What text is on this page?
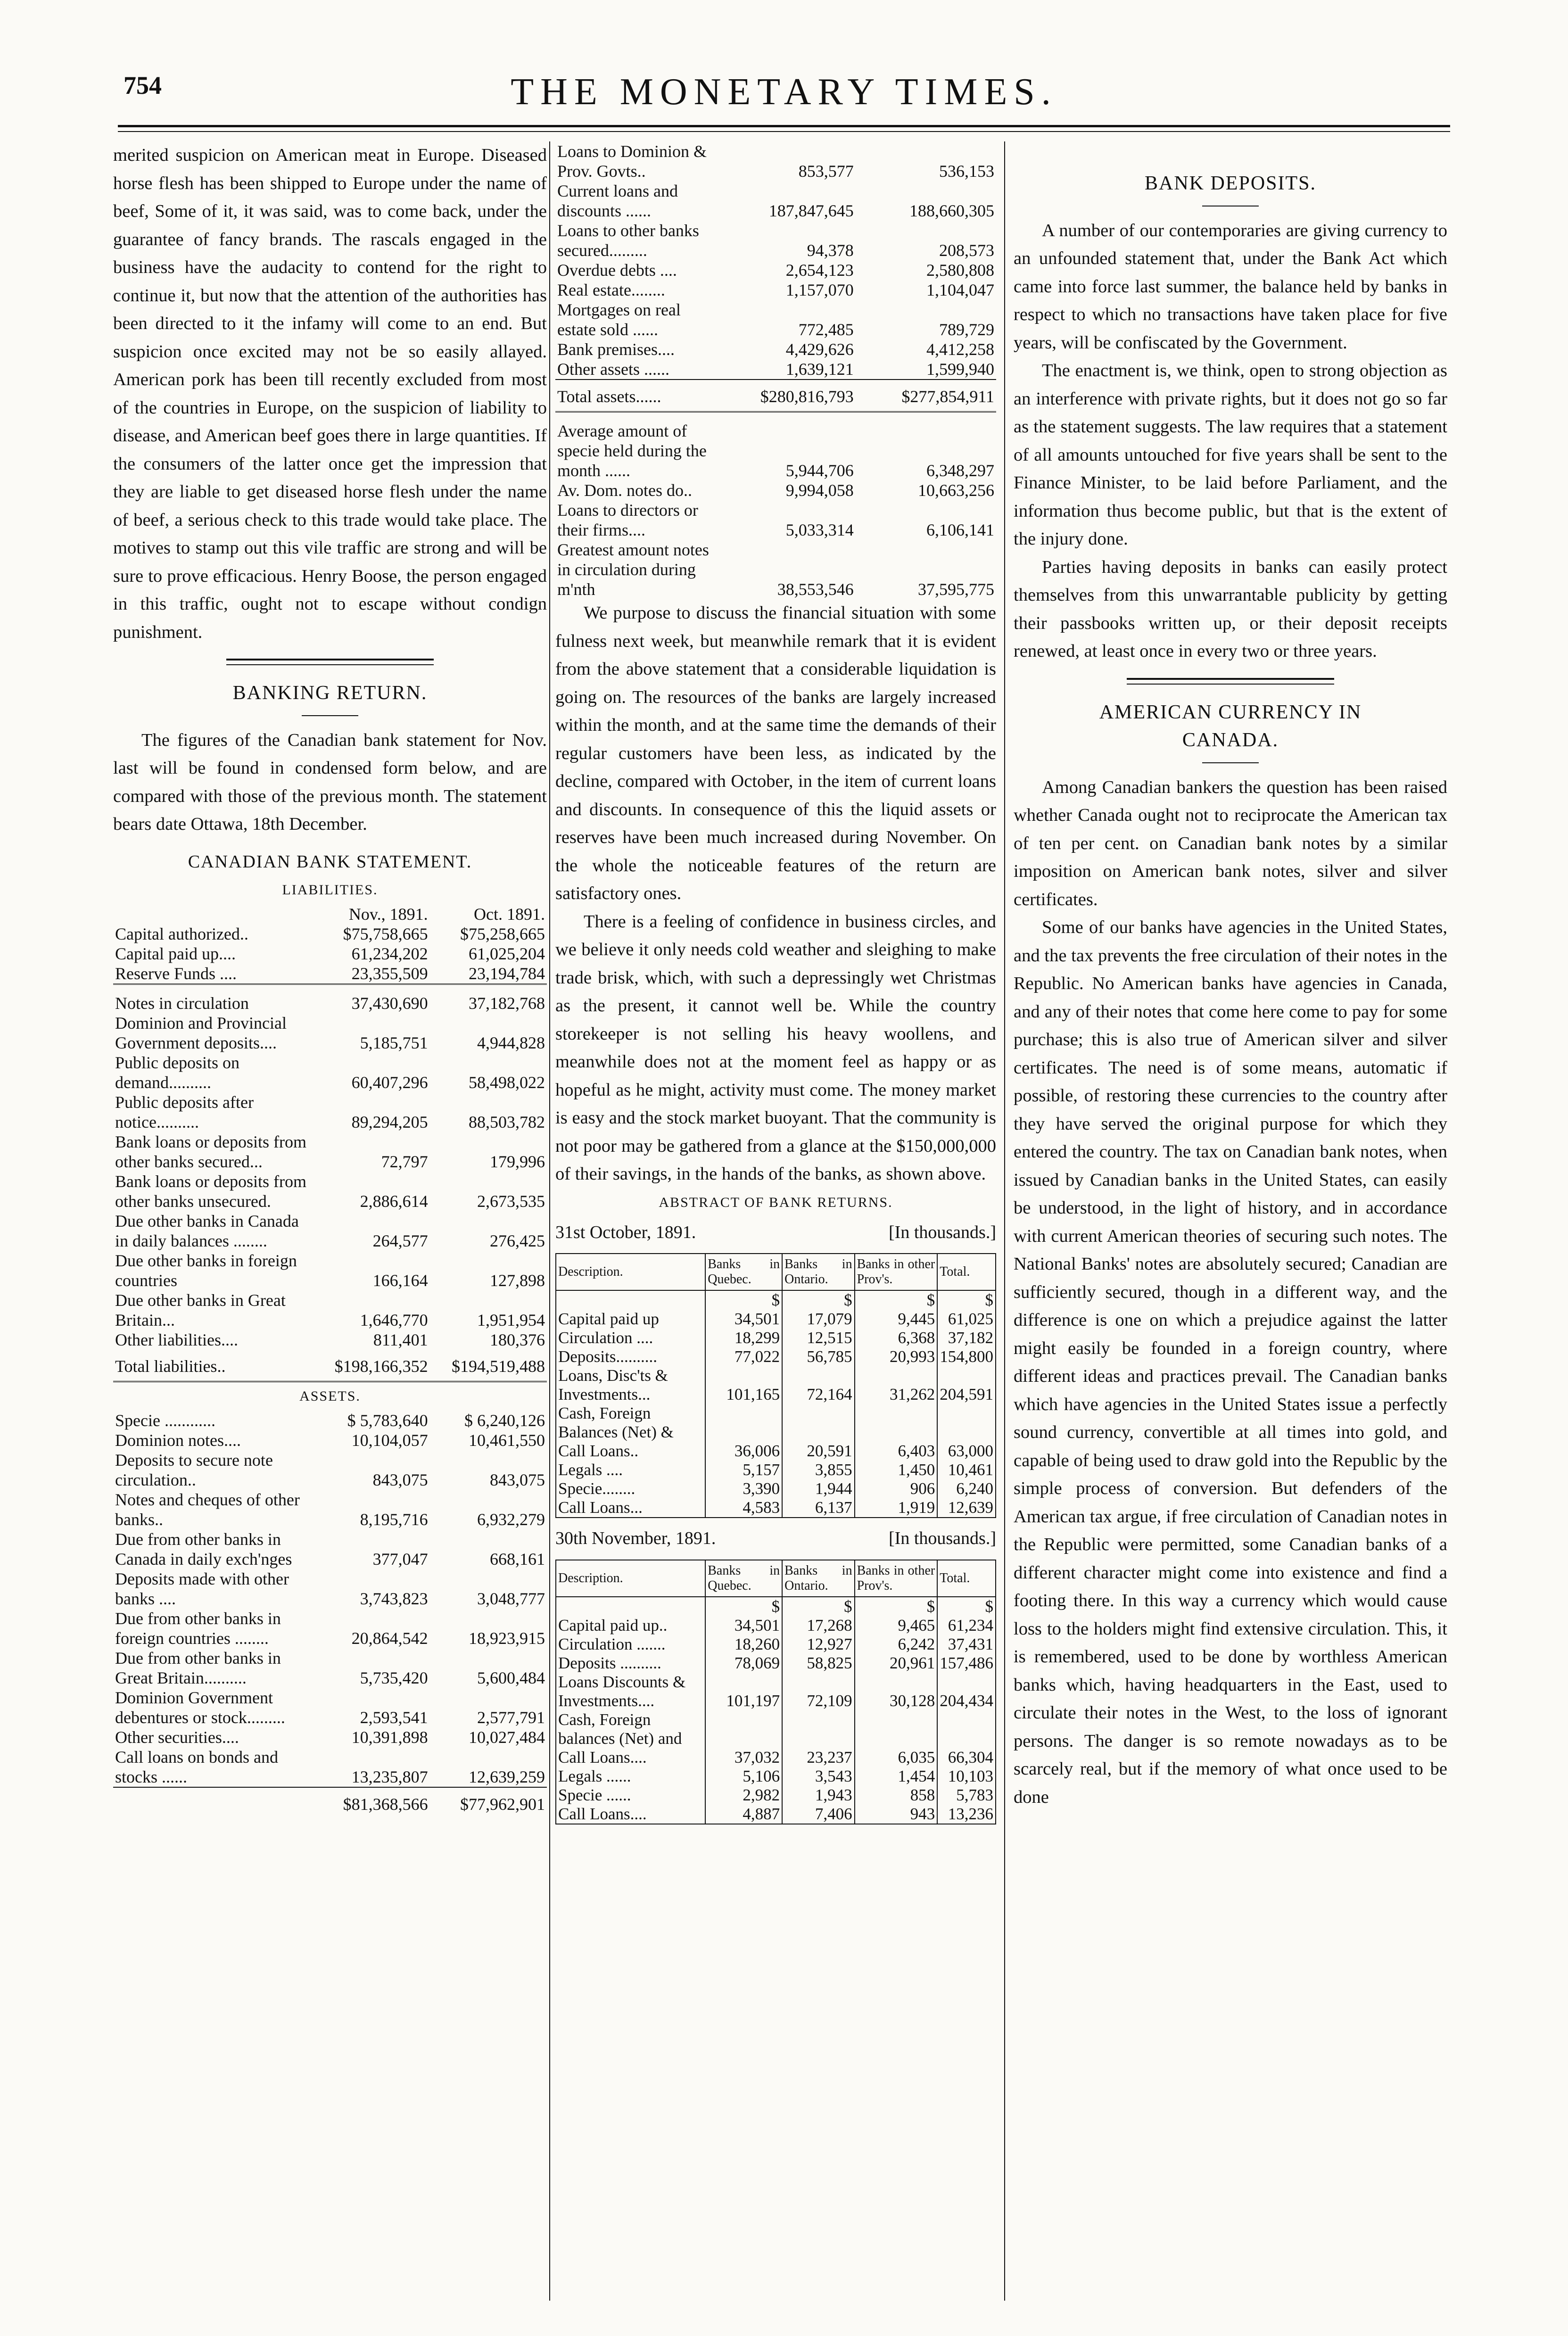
754	THE MONETARY TIMES.

merited suspicion on American meat in Europe. Diseased horse flesh has been shipped to Europe under the name of beef, Some of it, it was said, was to come back, under the guarantee of fancy brands. The rascals engaged in the business have the audacity to contend for the right to continue it, but now that the attention of the authorities has been directed to it the infamy will come to an end. But suspicion once excited may not be so easily allayed. American pork has been till recently excluded from most of the countries in Europe, on the suspicion of liability to disease, and American beef goes there in large quantities. If the consumers of the latter once get the impression that they are liable to get diseased horse flesh under the name of beef, a serious check to this trade would take place. The motives to stamp out this vile traffic are strong and will be sure to prove efficacious. Henry Boose, the person engaged in this traffic, ought not to escape without condign punishment.

BANKING RETURN.

The figures of the Canadian bank statement for Nov. last will be found in condensed form below, and are compared with those of the previous month. The statement bears date Ottawa, 18th December.

CANADIAN BANK STATEMENT.
LIABILITIES.
	Nov., 1891.	Oct. 1891.
Capital authorized..	$75,758,665	$75,258,665
Capital paid up....	61,234,202	61,025,204
Reserve Funds ....	23,355,509	23,194,784
Notes in circulation	37,430,690	37,182,768
Dominion and Provincial Government deposits....	5,185,751	4,944,828
Public deposits on demand..........	60,407,296	58,498,022
Public deposits after notice..........	89,294,205	88,503,782
Bank loans or deposits from other banks secured...	72,797	179,996
Bank loans or deposits from other banks unsecured.	2,886,614	2,673,535
Due other banks in Canada in daily balances ........	264,577	276,425
Due other banks in foreign countries	166,164	127,898
Due other banks in Great Britain...	1,646,770	1,951,954
Other liabilities....	811,401	180,376
Total liabilities..	$198,166,352	$194,519,488
ASSETS.
Specie ............	$ 5,783,640	$ 6,240,126
Dominion notes....	10,104,057	10,461,550
Deposits to secure note circulation..	843,075	843,075
Notes and cheques of other banks..	8,195,716	6,932,279
Due from other banks in Canada in daily exch'nges	377,047	668,161
Deposits made with other banks ....	3,743,823	3,048,777
Due from other banks in foreign countries ........	20,864,542	18,923,915
Due from other banks in Great Britain..........	5,735,420	5,600,484
Dominion Government debentures or stock.........	2,593,541	2,577,791
Other securities....	10,391,898	10,027,484
Call loans on bonds and stocks ......	13,235,807	12,639,259
	$81,368,566	$77,962,901
Loans to Dominion & Prov. Govts..	853,577	536,153
Current loans and discounts ......	187,847,645	188,660,305
Loans to other banks secured.........	94,378	208,573
Overdue debts ....	2,654,123	2,580,808
Real estate........	1,157,070	1,104,047
Mortgages on real estate sold ......	772,485	789,729
Bank premises....	4,429,626	4,412,258
Other assets ......	1,639,121	1,599,940
Total assets......	$280,816,793	$277,854,911
Average amount of specie held during the month ......	5,944,706	6,348,297
Av. Dom. notes do..	9,994,058	10,663,256
Loans to directors or their firms....	5,033,314	6,106,141
Greatest amount notes in circulation during m'nth	38,553,546	37,595,775

We purpose to discuss the financial situation with some fulness next week, but meanwhile remark that it is evident from the above statement that a considerable liquidation is going on. The resources of the banks are largely increased within the month, and at the same time the demands of their regular customers have been less, as indicated by the decline, compared with October, in the item of current loans and discounts. In consequence of this the liquid assets or reserves have been much increased during November. On the whole the noticeable features of the return are satisfactory ones.

There is a feeling of confidence in business circles, and we believe it only needs cold weather and sleighing to make trade brisk, which, with such a depressingly wet Christmas as the present, it cannot well be. While the country storekeeper is not selling his heavy woollens, and meanwhile does not at the moment feel as happy or as hopeful as he might, activity must come. The money market is easy and the stock market buoyant. That the community is not poor may be gathered from a glance at the $150,000,000 of their savings, in the hands of the banks, as shown above.

ABSTRACT OF BANK RETURNS.
31st October, 1891.	[In thousands.]
Description.	Banks in Quebec.	Banks in Ontario.	Banks in other Prov's.	Total.
	$	$	$	$
Capital paid up	34,501	17,079	9,445	61,025
Circulation ....	18,299	12,515	6,368	37,182
Deposits..........	77,022	56,785	20,993	154,800
Loans, Disc'ts & Investments...	101,165	72,164	31,262	204,591
Cash, Foreign Balances (Net) & Call Loans..	36,006	20,591	6,403	63,000
Legals ....	5,157	3,855	1,450	10,461
Specie........	3,390	1,944	906	6,240
Call Loans...	4,583	6,137	1,919	12,639
30th November, 1891.	[In thousands.]
Description.	Banks in Quebec.	Banks in Ontario.	Banks in other Prov's.	Total.
	$	$	$	$
Capital paid up..	34,501	17,268	9,465	61,234
Circulation .......	18,260	12,927	6,242	37,431
Deposits ..........	78,069	58,825	20,961	157,486
Loans Discounts & Investments....	101,197	72,109	30,128	204,434
Cash, Foreign balances (Net) and Call Loans....	37,032	23,237	6,035	66,304
Legals ......	5,106	3,543	1,454	10,103
Specie ......	2,982	1,943	858	5,783
Call Loans....	4,887	7,406	943	13,236
BANK DEPOSITS.

A number of our contemporaries are giving currency to an unfounded statement that, under the Bank Act which came into force last summer, the balance held by banks in respect to which no transactions have taken place for five years, will be confiscated by the Government.

The enactment is, we think, open to strong objection as an interference with private rights, but it does not go so far as the statement suggests. The law requires that a statement of all amounts untouched for five years shall be sent to the Finance Minister, to be laid before Parliament, and the information thus become public, but that is the extent of the injury done.

Parties having deposits in banks can easily protect themselves from this unwarrantable publicity by getting their passbooks written up, or their deposit receipts renewed, at least once in every two or three years.

AMERICAN CURRENCY IN
CANADA.

Among Canadian bankers the question has been raised whether Canada ought not to reciprocate the American tax of ten per cent. on Canadian bank notes by a similar imposition on American bank notes, silver and silver certificates.

Some of our banks have agencies in the United States, and the tax prevents the free circulation of their notes in the Republic. No American banks have agencies in Canada, and any of their notes that come here come to pay for some purchase; this is also true of American silver and silver certificates. The need is of some means, automatic if possible, of restoring these currencies to the country after they have served the original purpose for which they entered the country. The tax on Canadian bank notes, when issued by Canadian banks in the United States, can easily be understood, in the light of history, and in accordance with current American theories of securing such notes. The National Banks' notes are absolutely secured; Canadian are sufficiently secured, though in a different way, and the difference is one on which a prejudice against the latter might easily be founded in a foreign country, where different ideas and practices prevail. The Canadian banks which have agencies in the United States issue a perfectly sound currency, convertible at all times into gold, and capable of being used to draw gold into the Republic by the simple process of conversion. But defenders of the American tax argue, if free circulation of Canadian notes in the Republic were permitted, some Canadian banks of a different character might come into existence and find a footing there. In this way a currency which would cause loss to the holders might find extensive circulation. This, it is remembered, used to be done by worthless American banks which, having headquarters in the East, used to circulate their notes in the West, to the loss of ignorant persons. The danger is so remote nowadays as to be scarcely real, but if the memory of what once used to be done
